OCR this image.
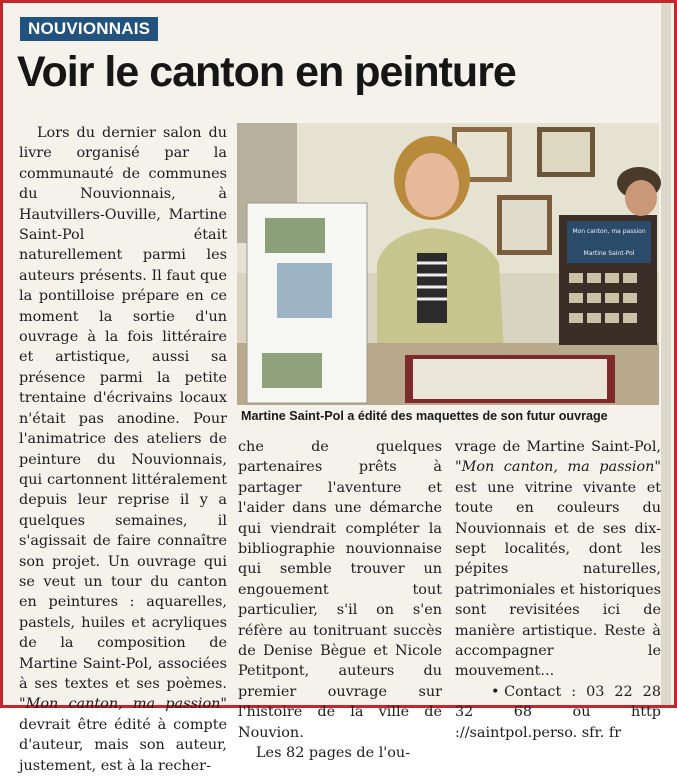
NOUVIONNAIS
Voir le canton en peinture

Lors du dernier salon du livre organisé par la communauté de communes du Nouvionnais, à Hautvillers-Ouville, Martine Saint-Pol était naturellement parmi les auteurs présents. Il faut que la pontilloise prépare en ce moment la sortie d'un ouvrage à la fois littéraire et artistique, aussi sa présence parmi la petite trentaine d'écrivains locaux n'était pas anodine. Pour l'animatrice des ateliers de peinture du Nouvionnais, qui cartonnent littéralement depuis leur reprise il y a quelques semaines, il s'agissait de faire connaître son projet. Un ouvrage qui se veut un tour du canton en peintures : aquarelles, pastels, huiles et acryliques de la composition de Martine Saint-Pol, associées à ses textes et ses poèmes. "Mon canton, ma passion" devrait être édité à compte d'auteur, mais son auteur, justement, est à la recher-

Mon canton, ma passion
Martine Saint-Pol
Martine Saint-Pol a édité des maquettes de son futur ouvrage

che de quelques partenaires prêts à partager l'aventure et l'aider dans une démarche qui viendrait compléter la bibliographie nouvionnaise qui semble trouver un engouement tout particulier, s'il on s'en réfère au tonitruant succès de Denise Bègue et Nicole Petitpont, auteurs du premier ouvrage sur l'histoire de la ville de Nouvion.

Les 82 pages de l'ou-

vrage de Martine Saint-Pol, "Mon canton, ma passion" est une vitrine vivante et toute en couleurs du Nouvionnais et de ses dix-sept localités, dont les pépites naturelles, patrimoniales et historiques sont revisitées ici de manière artistique. Reste à accompagner le mouvement...

• Contact : 03 22 28 32 68 ou http ://saintpol.perso. sfr. fr
